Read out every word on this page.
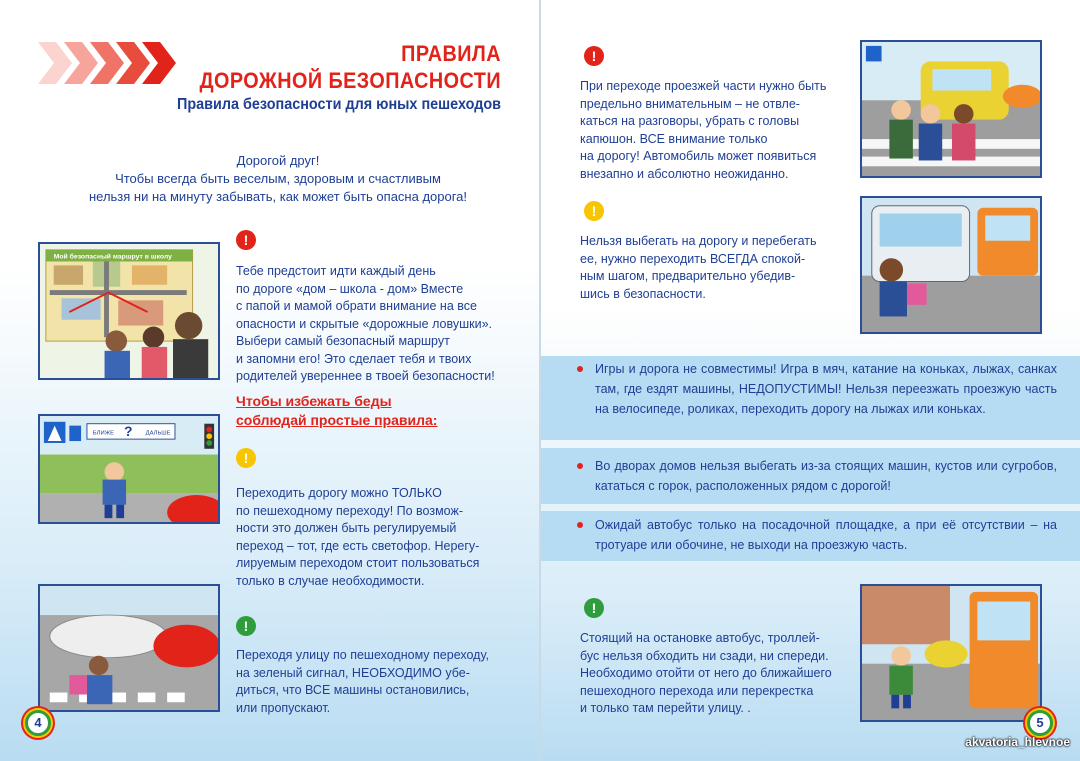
ПРАВИЛА
ДОРОЖНОЙ БЕЗОПАСНОСТИ
Правила безопасности для юных пешеходов
Дорогой друг!
Чтобы всегда быть веселым, здоровым и счастливым
нельзя ни на минуту забывать, как может быть опасна дорога!
Мой безопасный маршрут в школу
!
Тебе предстоит идти каждый день
по дороге «дом – школа - дом» Вместе
с папой и мамой обрати внимание на все
опасности и скрытые «дорожные ловушки».
Выбери самый безопасный маршрут
и запомни его! Это сделает тебя и твоих
родителей увереннее в твоей безопасности!
Чтобы избежать беды
соблюдай простые правила:
БЛИЖЕ ? ДАЛЬШЕ
!
Переходить дорогу можно ТОЛЬКО
по пешеходному переходу! По возмож-
ности это должен быть регулируемый
переход – тот, где есть светофор. Нерегу-
лируемым переходом стоит пользоваться
только в случае необходимости.
!
Переходя улицу по пешеходному переходу,
на зеленый сигнал, НЕОБХОДИМО убе-
диться, что ВСЕ машины остановились,
или пропускают.
4
!
При переходе проезжей части нужно быть
предельно внимательным – не отвле-
каться на разговоры, убрать с головы
капюшон. ВСЕ внимание только
на дорогу! Автомобиль может появиться
внезапно и абсолютно неожиданно.
!
Нельзя выбегать на дорогу и перебегать
ее, нужно переходить ВСЕГДА спокой-
ным шагом, предварительно убедив-
шись в безопасности.
Игры и дорога не совместимы! Игра в мяч, катание на коньках, лыжах, санках там, где ездят машины, НЕДОПУСТИМЫ! Нельзя переезжать проезжую часть на велосипеде, роликах, переходить дорогу на лыжах или коньках.
Во дворах домов нельзя выбегать из-за стоящих машин, кустов или сугробов, кататься с горок, расположенных рядом с дорогой!
Ожидай автобус только на посадочной площадке, а при её отсутствии – на тротуаре или обочине, не выходи на проезжую часть.
!
Стоящий на остановке автобус, троллей-
бус нельзя обходить ни сзади, ни спереди.
Необходимо отойти от него до ближайшего
пешеходного перехода или перекрестка
и только там перейти улицу. .
5
akvatoria_hlevnoe
